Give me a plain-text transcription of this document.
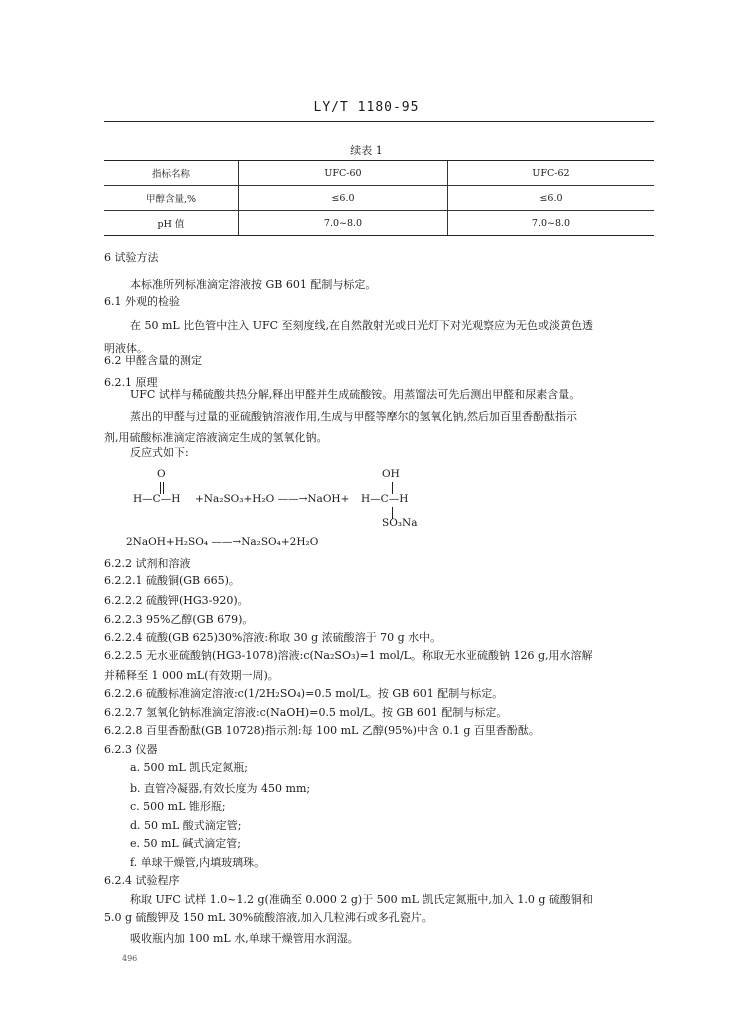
LY/T 1180-95
续表 1
指标名称	UFC-60	UFC-62
甲醇含量,%	≤6.0	≤6.0
pH 值	7.0~8.0	7.0~8.0
6 试验方法
本标准所列标准滴定溶液按 GB 601 配制与标定。
6.1 外观的检验
在 50 mL 比色管中注入 UFC 至刻度线,在自然散射光或日光灯下对光观察应为无色或淡黄色透
明液体。
6.2 甲醛含量的测定
6.2.1 原理
UFC 试样与稀硫酸共热分解,释出甲醛并生成硫酸铵。用蒸馏法可先后测出甲醛和尿素含量。
蒸出的甲醛与过量的亚硫酸钠溶液作用,生成与甲醛等摩尔的氢氧化钠,然后加百里香酚酞指示
剂,用硫酸标准滴定溶液滴定生成的氢氧化钠。
反应式如下:
O
H—C—H +Na₂SO₃+H₂O ——→NaOH+
OH
H—C—H
SO₃Na
2NaOH+H₂SO₄ ——→Na₂SO₄+2H₂O
6.2.2 试剂和溶液
6.2.2.1 硫酸铜(GB 665)。
6.2.2.2 硫酸钾(HG3-920)。
6.2.2.3 95%乙醇(GB 679)。
6.2.2.4 硫酸(GB 625)30%溶液:称取 30 g 浓硫酸溶于 70 g 水中。
6.2.2.5 无水亚硫酸钠(HG3-1078)溶液:c(Na₂SO₃)=1 mol/L。称取无水亚硫酸钠 126 g,用水溶解
并稀释至 1 000 mL(有效期一周)。
6.2.2.6 硫酸标准滴定溶液:c(1/2H₂SO₄)=0.5 mol/L。按 GB 601 配制与标定。
6.2.2.7 氢氧化钠标准滴定溶液:c(NaOH)=0.5 mol/L。按 GB 601 配制与标定。
6.2.2.8 百里香酚酞(GB 10728)指示剂:每 100 mL 乙醇(95%)中含 0.1 g 百里香酚酞。
6.2.3 仪器
a. 500 mL 凯氏定氮瓶;
b. 直管冷凝器,有效长度为 450 mm;
c. 500 mL 锥形瓶;
d. 50 mL 酸式滴定管;
e. 50 mL 碱式滴定管;
f. 单球干燥管,内填玻璃珠。
6.2.4 试验程序
称取 UFC 试样 1.0~1.2 g(准确至 0.000 2 g)于 500 mL 凯氏定氮瓶中,加入 1.0 g 硫酸铜和
5.0 g 硫酸钾及 150 mL 30%硫酸溶液,加入几粒沸石或多孔瓷片。
吸收瓶内加 100 mL 水,单球干燥管用水润湿。
496
